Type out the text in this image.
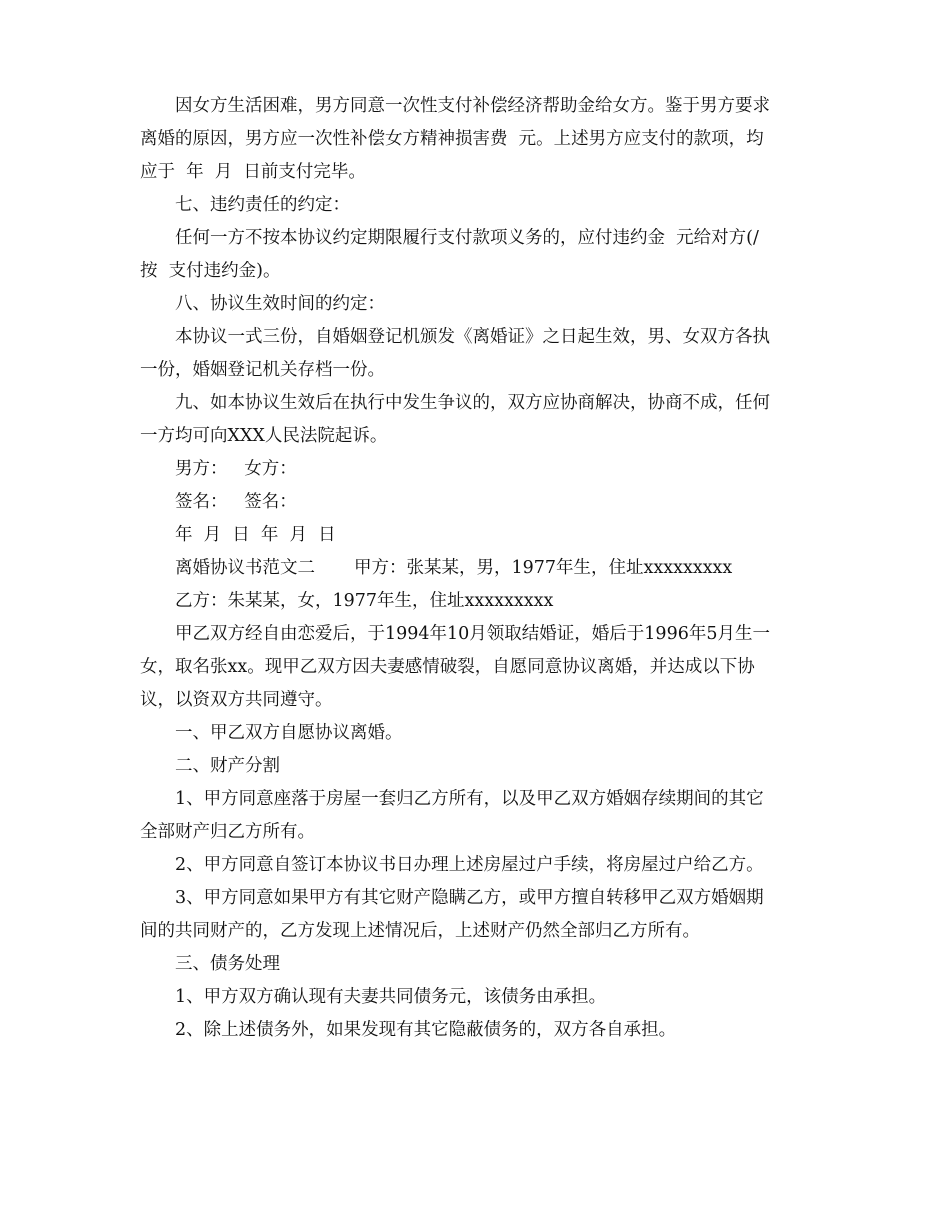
因女方生活困难，男方同意一次性支付补偿经济帮助金给女方。鉴于男方要求
离婚的原因，男方应一次性补偿女方精神损害费  元。上述男方应支付的款项，均
应于  年  月  日前支付完毕。
七、违约责任的约定：
任何一方不按本协议约定期限履行支付款项义务的，应付违约金  元给对方(/
按  支付违约金)。
八、协议生效时间的约定：
本协议一式三份，自婚姻登记机颁发《离婚证》之日起生效，男、女双方各执
一份，婚姻登记机关存档一份。
九、如本协议生效后在执行中发生争议的，双方应协商解决，协商不成，任何
一方均可向XXX人民法院起诉。
男方：   女方：
签名：   签名：
年  月  日  年  月  日
离婚协议书范文二       甲方：张某某，男，1977年生，住址xxxxxxxxx
乙方：朱某某，女，1977年生，住址xxxxxxxxx
甲乙双方经自由恋爱后，于1994年10月领取结婚证，婚后于1996年5月生一
女，取名张xx。现甲乙双方因夫妻感情破裂，自愿同意协议离婚，并达成以下协
议，以资双方共同遵守。
一、甲乙双方自愿协议离婚。
二、财产分割
1、甲方同意座落于房屋一套归乙方所有，以及甲乙双方婚姻存续期间的其它
全部财产归乙方所有。
2、甲方同意自签订本协议书日办理上述房屋过户手续，将房屋过户给乙方。
3、甲方同意如果甲方有其它财产隐瞒乙方，或甲方擅自转移甲乙双方婚姻期
间的共同财产的，乙方发现上述情况后，上述财产仍然全部归乙方所有。
三、债务处理
1、甲方双方确认现有夫妻共同债务元，该债务由承担。
2、除上述债务外，如果发现有其它隐蔽债务的，双方各自承担。
